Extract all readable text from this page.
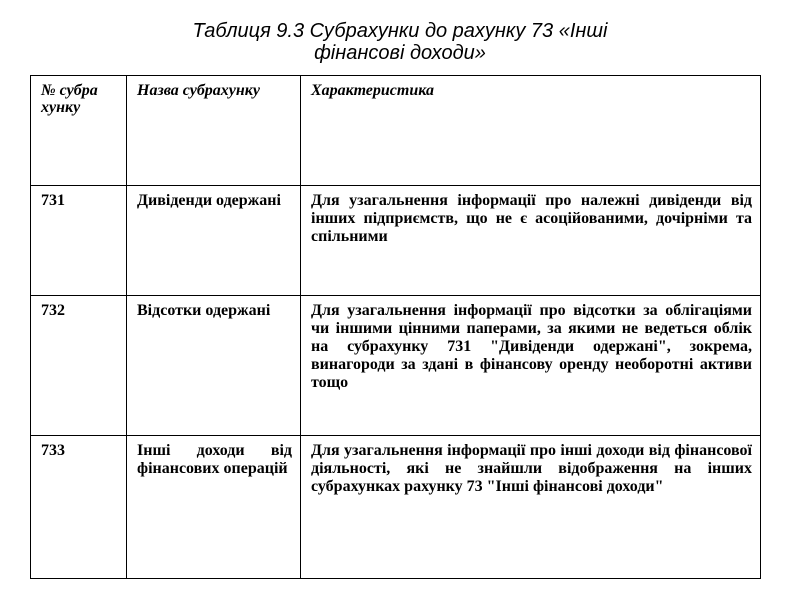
Таблиця 9.3 Субрахунки до рахунку 73 «Інші
фінансові доходи»
№ субра хунку	Назва субрахунку	Характеристика
731	Дивіденди одержані	Для узагальнення інформації про належні дивіденди від інших підприємств, що не є асоційованими, дочірніми та спільними
732	Відсотки одержані	Для узагальнення інформації про відсотки за облігаціями чи іншими цінними паперами, за якими не ведеться облік на субрахунку 731 "Дивіденди одержані", зокрема, винагороди за здані в фінансову оренду необоротні активи тощо
733	Інші доходи від фінансових операцій	Для узагальнення інформації про інші доходи від фінансової діяльності, які не знайшли відображення на інших субрахунках рахунку 73 "Інші фінансові доходи"
